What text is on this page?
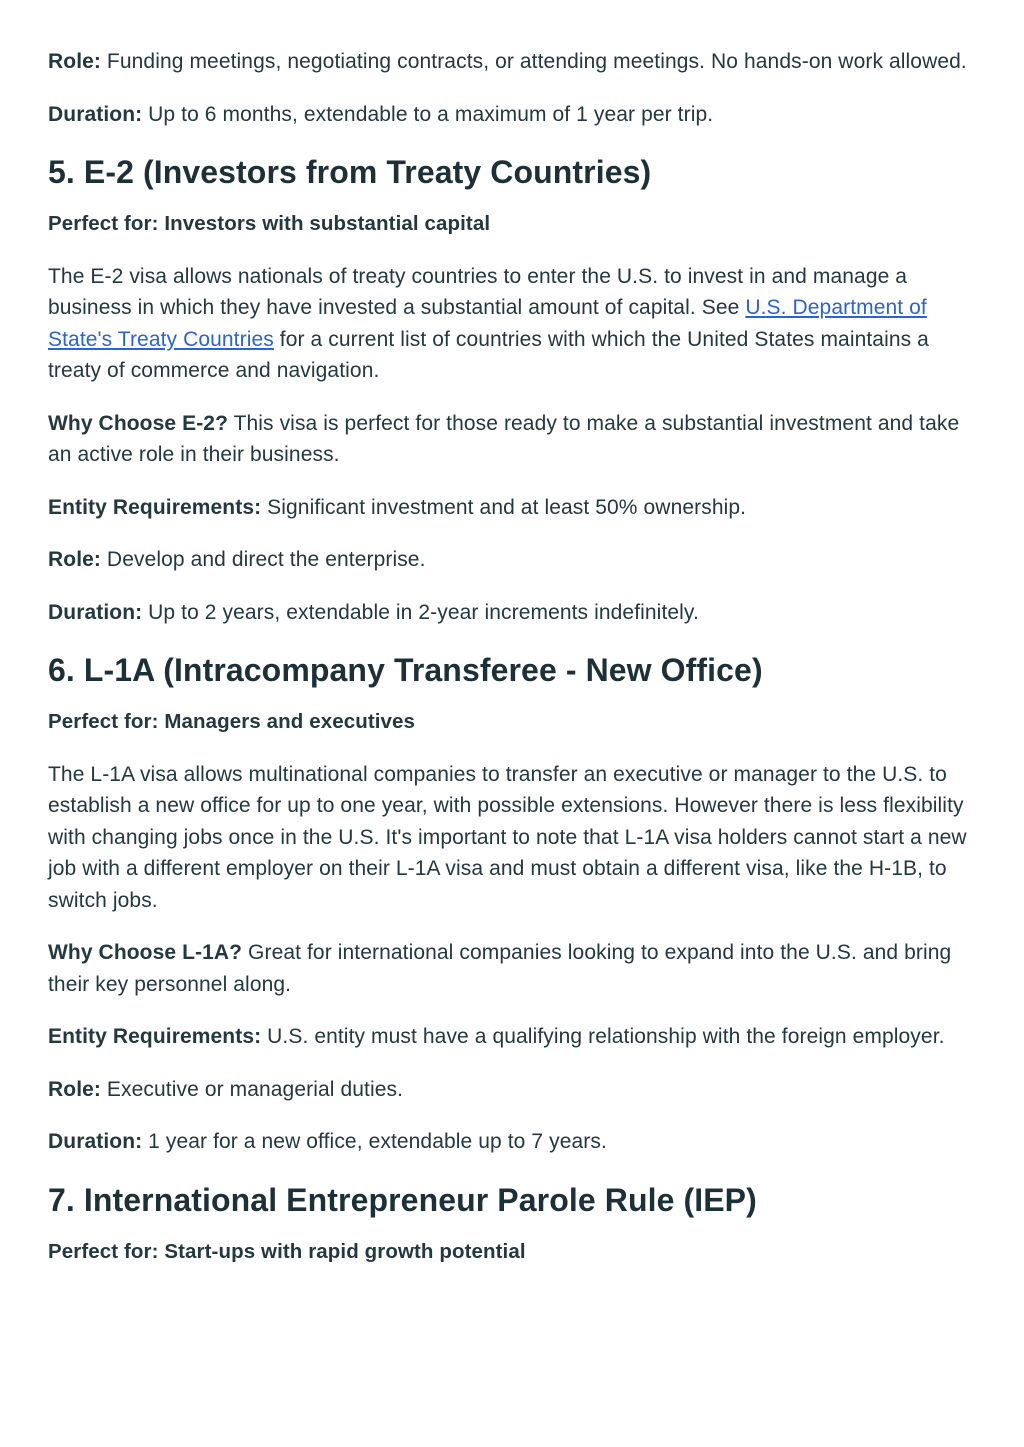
Role: Funding meetings, negotiating contracts, or attending meetings. No hands-on work allowed.

Duration: Up to 6 months, extendable to a maximum of 1 year per trip.

5. E-2 (Investors from Treaty Countries)

Perfect for: Investors with substantial capital

The E-2 visa allows nationals of treaty countries to enter the U.S. to invest in and manage a business in which they have invested a substantial amount of capital. See U.S. Department of State's Treaty Countries for a current list of countries with which the United States maintains a treaty of commerce and navigation.

Why Choose E-2? This visa is perfect for those ready to make a substantial investment and take an active role in their business.

Entity Requirements: Significant investment and at least 50% ownership.

Role: Develop and direct the enterprise.

Duration: Up to 2 years, extendable in 2-year increments indefinitely.

6. L-1A (Intracompany Transferee - New Office)

Perfect for: Managers and executives

The L-1A visa allows multinational companies to transfer an executive or manager to the U.S. to establish a new office for up to one year, with possible extensions. However there is less flexibility with changing jobs once in the U.S. It's important to note that L-1A visa holders cannot start a new job with a different employer on their L-1A visa and must obtain a different visa, like the H-1B, to switch jobs.

Why Choose L-1A? Great for international companies looking to expand into the U.S. and bring their key personnel along.

Entity Requirements: U.S. entity must have a qualifying relationship with the foreign employer.

Role: Executive or managerial duties.

Duration: 1 year for a new office, extendable up to 7 years.

7. International Entrepreneur Parole Rule (IEP)

Perfect for: Start-ups with rapid growth potential
